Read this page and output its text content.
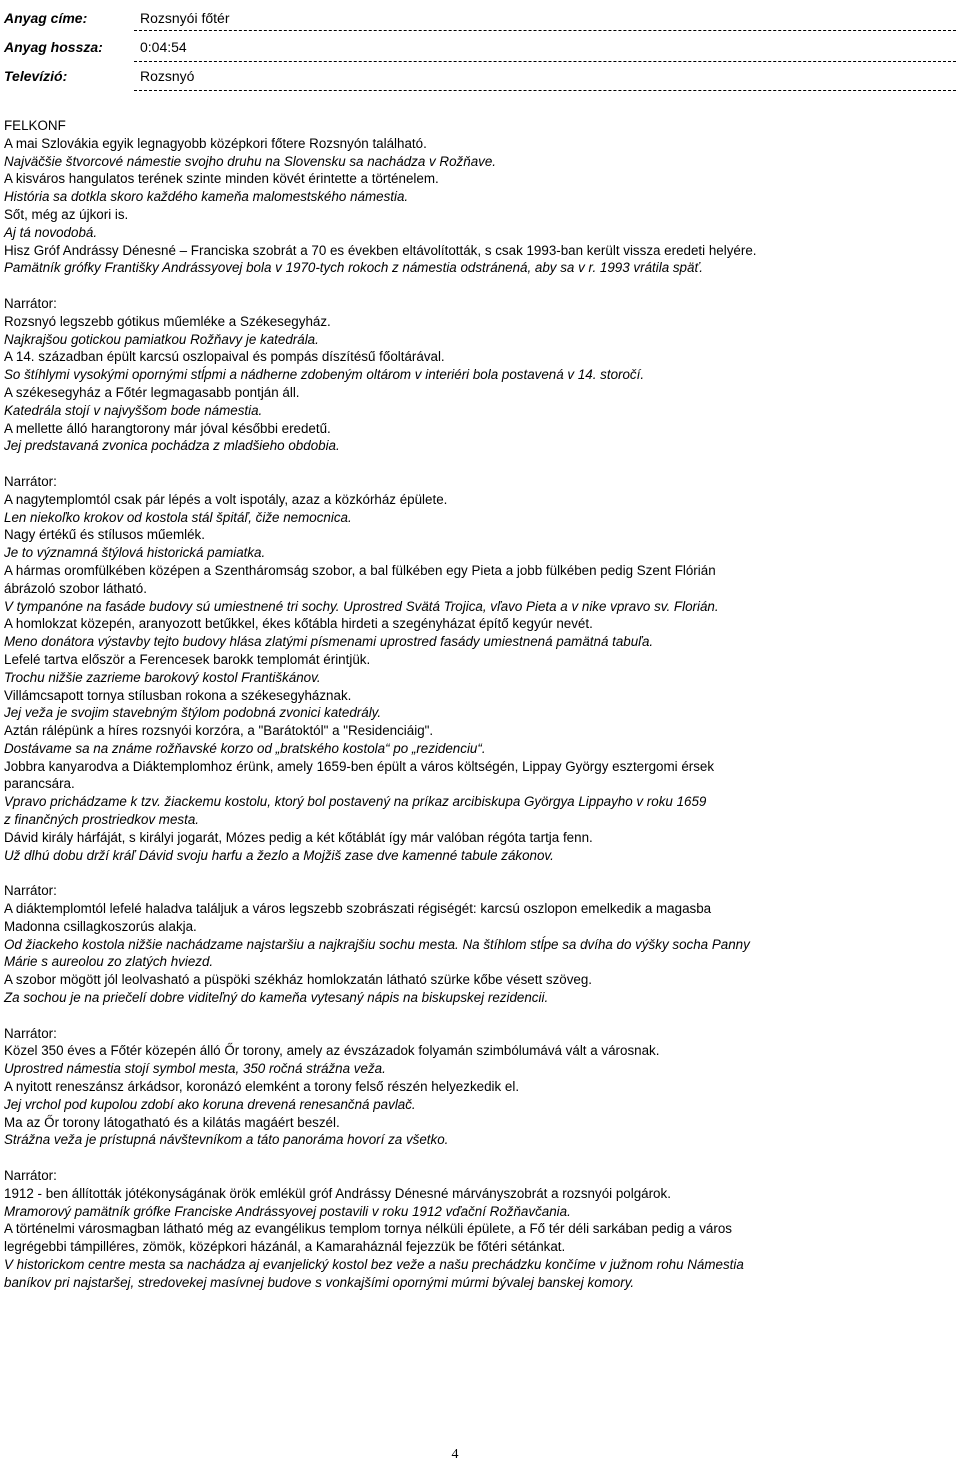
Anyag címe:	Rozsnyói főtér
Anyag hossza:	0:04:54
Televízió:	Rozsnyó

FELKONF

A mai Szlovákia egyik legnagyobb középkori főtere Rozsnyón található.

Najväčšie štvorcové námestie svojho druhu na Slovensku sa nachádza v Rožňave.

A kisváros hangulatos terének szinte minden kövét érintette a történelem.

História sa dotkla skoro každého kameňa malomestského námestia.

Sőt, még az újkori is.

Aj tá novodobá.

Hisz Gróf Andrássy Dénesné – Franciska szobrát a 70 es években eltávolították, s csak 1993-ban került vissza eredeti helyére.

Pamätník grófky Františky Andrássyovej bola v 1970-tych rokoch z námestia odstránená, aby sa v r. 1993 vrátila späť.

Narrátor:

Rozsnyó legszebb gótikus műemléke a Székesegyház.

Najkrajšou gotickou pamiatkou Rožňavy je katedrála.

A 14. században épült karcsú oszlopaival és pompás díszítésű főoltárával.

So štíhlymi vysokými opornými stĺpmi a nádherne zdobeným oltárom v interiéri bola postavená v 14. storočí.

A székesegyház a Főtér legmagasabb pontján áll.

Katedrála stojí v najvyššom bode námestia.

A mellette álló harangtorony már jóval későbbi eredetű.

Jej predstavaná zvonica pochádza z mladšieho obdobia.

Narrátor:

A nagytemplomtól csak pár lépés a volt ispotály, azaz a közkórház épülete.

Len niekoľko krokov od kostola stál špitáľ, čiže nemocnica.

Nagy értékű és stílusos műemlék.

Je to významná štýlová historická pamiatka.

A hármas oromfülkében középen a Szentháromság szobor, a bal fülkében egy Pieta a jobb fülkében pedig Szent Flórián

ábrázoló szobor látható.

V tympanóne na fasáde budovy sú umiestnené tri sochy. Uprostred Svätá Trojica, vľavo Pieta a v nike vpravo sv. Florián.

A homlokzat közepén, aranyozott betűkkel, ékes kőtábla hirdeti a szegényházat építő kegyúr nevét.

Meno donátora výstavby tejto budovy hlása zlatými písmenami uprostred fasády umiestnená pamätná tabuľa.

Lefelé tartva először a Ferencesek barokk templomát érintjük.

Trochu nižšie zazrieme barokový kostol Františkánov.

Villámcsapott tornya stílusban rokona a székesegyháznak.

Jej veža je svojim stavebným štýlom podobná zvonici katedrály.

Aztán rálépünk a híres rozsnyói korzóra, a "Barátoktól" a "Residenciáig".

Dostávame sa na známe rožňavské korzo od „bratského kostola“ po „rezidenciu“.

Jobbra kanyarodva a Diáktemplomhoz érünk, amely 1659-ben épült a város költségén, Lippay György esztergomi érsek

parancsára.

Vpravo prichádzame k tzv. žiackemu kostolu, ktorý bol postavený na príkaz arcibiskupa Györgya Lippayho v roku 1659

z finančných prostriedkov mesta.

Dávid király hárfáját, s királyi jogarát, Mózes pedig a két kőtáblát így már valóban régóta tartja fenn.

Už dlhú dobu drží kráľ Dávid svoju harfu a žezlo a Mojžiš zase dve kamenné tabule zákonov.

Narrátor:

A diáktemplomtól lefelé haladva találjuk a város legszebb szobrászati régiségét: karcsú oszlopon emelkedik a magasba

Madonna csillagkoszorús alakja.

Od žiackeho kostola nižšie nachádzame najstaršiu a najkrajšiu sochu mesta. Na štíhlom stĺpe sa dvíha do výšky socha Panny

Márie s aureolou zo zlatých hviezd.

A szobor mögött jól leolvasható a püspöki székház homlokzatán látható szürke kőbe vésett szöveg.

Za sochou je na priečelí dobre viditeľný do kameňa vytesaný nápis na biskupskej rezidencii.

Narrátor:

Közel 350 éves a Főtér közepén álló Őr torony, amely az évszázadok folyamán szimbólumává vált a városnak.

Uprostred námestia stojí symbol mesta, 350 ročná strážna veža.

A nyitott reneszánsz árkádsor, koronázó elemként a torony felső részén helyezkedik el.

Jej vrchol pod kupolou zdobí ako koruna drevená renesančná pavlač.

Ma az Őr torony látogatható és a kilátás magáért beszél.

Strážna veža je prístupná návštevníkom a táto panoráma hovorí za všetko.

Narrátor:

1912 - ben állították jótékonyságának örök emlékül gróf Andrássy Dénesné márványszobrát a rozsnyói polgárok.

Mramorový pamätník grófke Franciske Andrássyovej postavili v roku 1912 vďační Rožňavčania.

A történelmi városmagban látható még az evangélikus templom tornya nélküli épülete, a Fő tér déli sarkában pedig a város

legrégebbi támpilléres, zömök, középkori házánál, a Kamaraháznál fejezzük be főtéri sétánkat.

V historickom centre mesta sa nachádza aj evanjelický kostol bez veže a našu prechádzku končíme v južnom rohu Námestia

baníkov pri najstaršej, stredovekej masívnej budove s vonkajšími opornými múrmi bývalej banskej komory.

4
